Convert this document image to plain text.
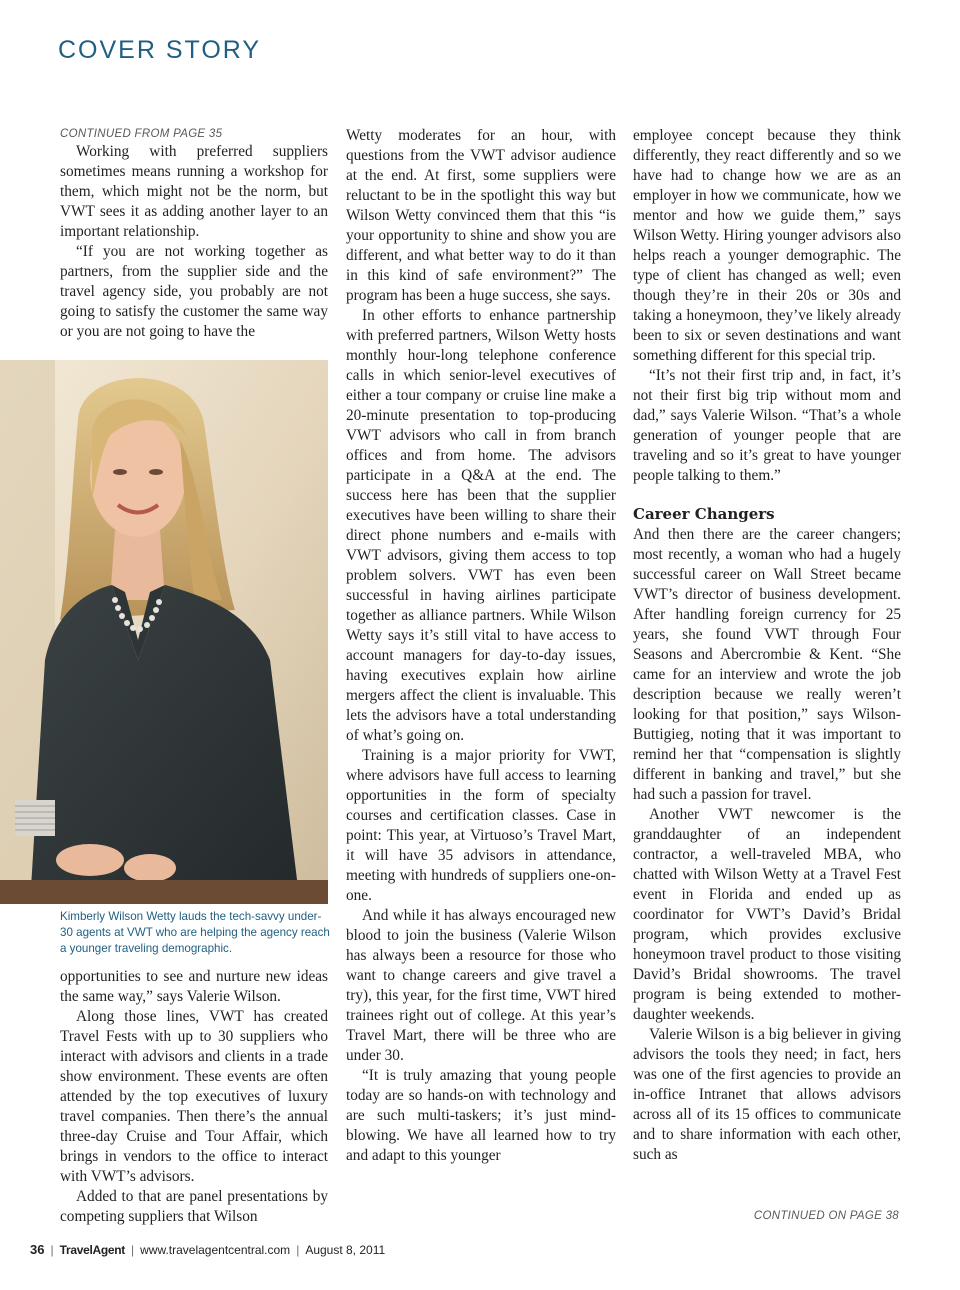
COVER STORY

CONTINUED FROM PAGE 35

Working with preferred suppliers sometimes means running a workshop for them, which might not be the norm, but VWT sees it as adding another layer to an important relationship.

“If you are not working together as partners, from the supplier side and the travel agency side, you probably are not going to satisfy the customer the same way or you are not going to have the

Kimberly Wilson Wetty lauds the tech-savvy under-30 agents at VWT who are helping the agency reach a younger traveling demographic.

opportunities to see and nurture new ideas the same way,” says Valerie Wilson.

Along those lines, VWT has created Travel Fests with up to 30 suppliers who interact with advisors and clients in a trade show environment. These events are often attended by the top executives of luxury travel companies. Then there’s the annual three-day Cruise and Tour Affair, which brings in vendors to the office to interact with VWT’s advisors.

Added to that are panel presentations by competing suppliers that Wilson

Wetty moderates for an hour, with questions from the VWT advisor audience at the end. At first, some suppliers were reluctant to be in the spotlight this way but Wilson Wetty convinced them that this “is your opportunity to shine and show you are different, and what better way to do it than in this kind of safe environment?” The program has been a huge success, she says.

In other efforts to enhance partnership with preferred partners, Wilson Wetty hosts monthly hour-long telephone conference calls in which senior-level executives of either a tour company or cruise line make a 20-minute presentation to top-producing VWT advisors who call in from branch offices and from home. The advisors participate in a Q&A at the end. The success here has been that the supplier executives have been willing to share their direct phone numbers and e-mails with VWT advisors, giving them access to top problem solvers. VWT has even been successful in having airlines participate together as alliance partners. While Wilson Wetty says it’s still vital to have access to account managers for day-to-day issues, having executives explain how airline mergers affect the client is invaluable. This lets the advisors have a total understanding of what’s going on.

Training is a major priority for VWT, where advisors have full access to learning opportunities in the form of specialty courses and certification classes. Case in point: This year, at Virtuoso’s Travel Mart, it will have 35 advisors in attendance, meeting with hundreds of suppliers one-on-one.

And while it has always encouraged new blood to join the business (Valerie Wilson has always been a resource for those who want to change careers and give travel a try), this year, for the first time, VWT hired trainees right out of college. At this year’s Travel Mart, there will be three who are under 30.

“It is truly amazing that young people today are so hands-on with technology and are such multi-taskers; it’s just mind-blowing. We have all learned how to try and adapt to this younger

employee concept because they think differently, they react differently and so we have had to change how we are as an employer in how we communicate, how we mentor and how we guide them,” says Wilson Wetty. Hiring younger advisors also helps reach a younger demographic. The type of client has changed as well; even though they’re in their 20s or 30s and taking a honeymoon, they’ve likely already been to six or seven destinations and want something different for this special trip.

“It’s not their first trip and, in fact, it’s not their first big trip without mom and dad,” says Valerie Wilson. “That’s a whole generation of younger people that are traveling and so it’s great to have younger people talking to them.”

Career Changers

And then there are the career changers; most recently, a woman who had a hugely successful career on Wall Street became VWT’s director of business development. After handling foreign currency for 25 years, she found VWT through Four Seasons and Abercrombie & Kent. “She came for an interview and wrote the job description because we really weren’t looking for that position,” says Wilson-Buttigieg, noting that it was important to remind her that “compensation is slightly different in banking and travel,” but she had such a passion for travel.

Another VWT newcomer is the granddaughter of an independent contractor, a well-traveled MBA, who chatted with Wilson Wetty at a Travel Fest event in Florida and ended up as coordinator for VWT’s David’s Bridal program, which provides exclusive honeymoon travel product to those visiting David’s Bridal showrooms. The travel program is being extended to mother-daughter weekends.

Valerie Wilson is a big believer in giving advisors the tools they need; in fact, hers was one of the first agencies to provide an in-office Intranet that allows advisors across all of its 15 offices to communicate and to share information with each other, such as

CONTINUED ON PAGE 38

36 | TravelAgent | www.travelagentcentral.com | August 8, 2011
